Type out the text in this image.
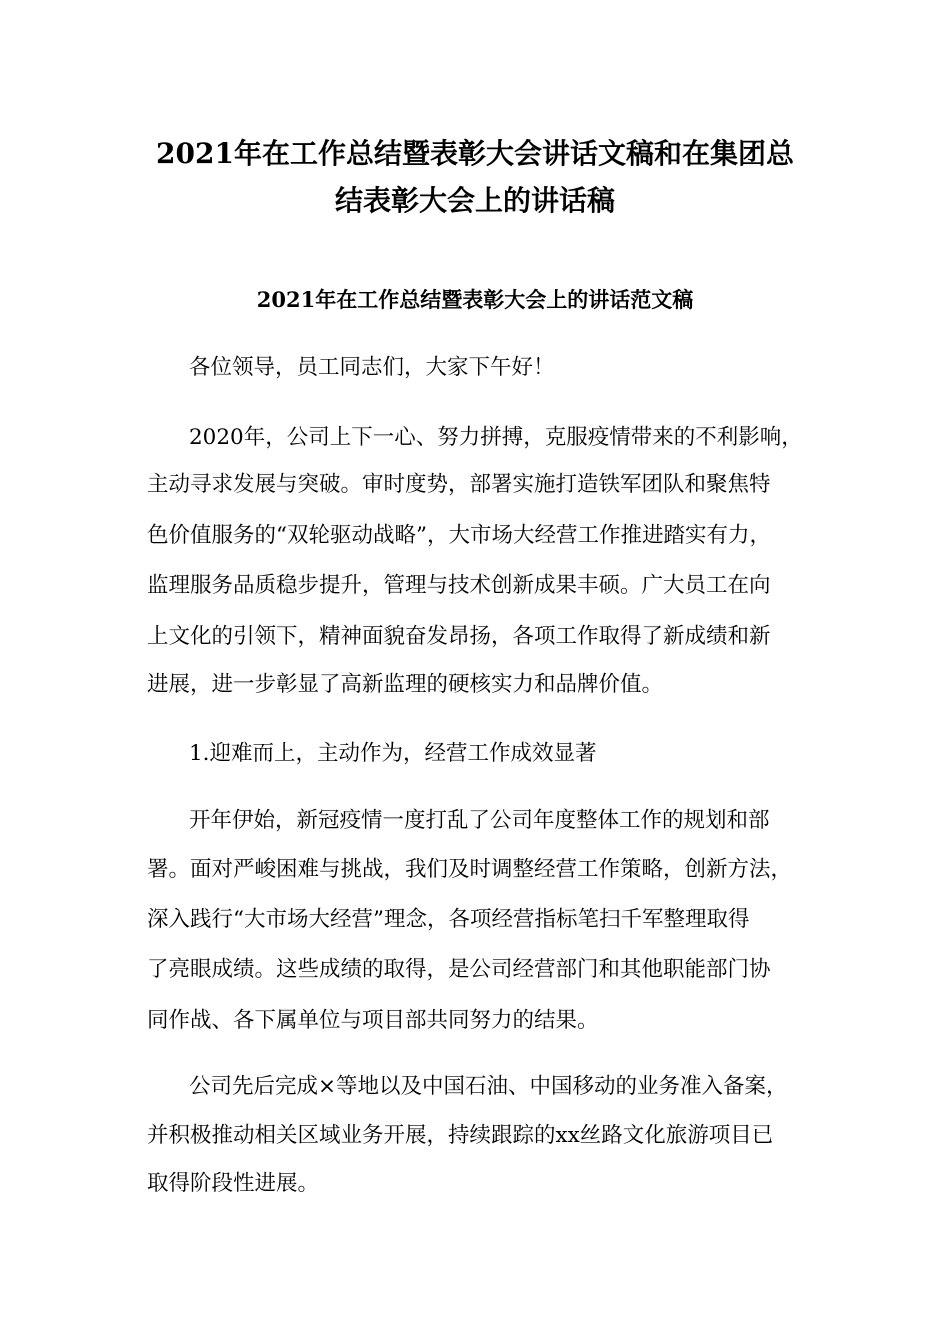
2021年在工作总结暨表彰大会讲话文稿和在集团总
结表彰大会上的讲话稿
2021年在工作总结暨表彰大会上的讲话范文稿
各位领导，员工同志们，大家下午好！
2020年，公司上下一心、努力拼搏，克服疫情带来的不利影响，
主动寻求发展与突破。审时度势，部署实施打造铁军团队和聚焦特
色价值服务的“双轮驱动战略”，大市场大经营工作推进踏实有力，
监理服务品质稳步提升，管理与技术创新成果丰硕。广大员工在向
上文化的引领下，精神面貌奋发昂扬，各项工作取得了新成绩和新
进展，进一步彰显了高新监理的硬核实力和品牌价值。
1.迎难而上，主动作为，经营工作成效显著
开年伊始，新冠疫情一度打乱了公司年度整体工作的规划和部
署。面对严峻困难与挑战，我们及时调整经营工作策略，创新方法，
深入践行“大市场大经营”理念，各项经营指标笔扫千军整理取得
了亮眼成绩。这些成绩的取得，是公司经营部门和其他职能部门协
同作战、各下属单位与项目部共同努力的结果。
公司先后完成×等地以及中国石油、中国移动的业务准入备案，
并积极推动相关区域业务开展，持续跟踪的xx丝路文化旅游项目已
取得阶段性进展。
